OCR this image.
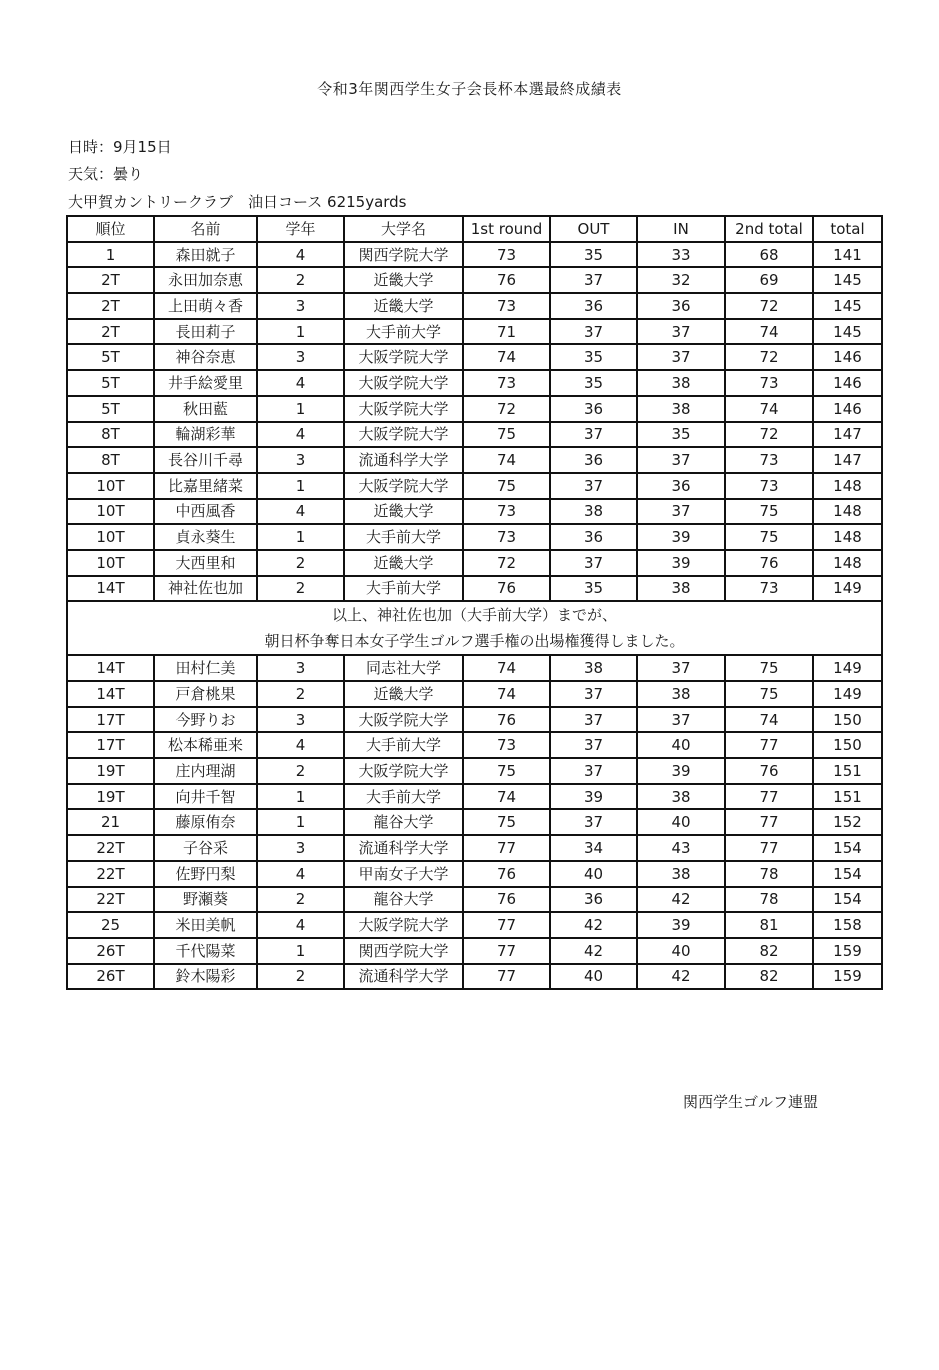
令和3年関西学生女子会長杯本選最終成績表
日時：9月15日
天気：曇り
大甲賀カントリークラブ　油日コース 6215yards
順位	名前	学年	大学名	1st round	OUT	IN	2nd total	total
1	森田就子	4	関西学院大学	73	35	33	68	141
2T	永田加奈恵	2	近畿大学	76	37	32	69	145
2T	上田萌々香	3	近畿大学	73	36	36	72	145
2T	長田莉子	1	大手前大学	71	37	37	74	145
5T	神谷奈恵	3	大阪学院大学	74	35	37	72	146
5T	井手絵愛里	4	大阪学院大学	73	35	38	73	146
5T	秋田藍	1	大阪学院大学	72	36	38	74	146
8T	輪湖彩華	4	大阪学院大学	75	37	35	72	147
8T	長谷川千尋	3	流通科学大学	74	36	37	73	147
10T	比嘉里緒菜	1	大阪学院大学	75	37	36	73	148
10T	中西風香	4	近畿大学	73	38	37	75	148
10T	貞永葵生	1	大手前大学	73	36	39	75	148
10T	大西里和	2	近畿大学	72	37	39	76	148
14T	神社佐也加	2	大手前大学	76	35	38	73	149

以上、神社佐也加（大手前大学）までが、
朝日杯争奪日本女子学生ゴルフ選手権の出場権獲得しました。								

14T	田村仁美	3	同志社大学	74	38	37	75	149
14T	戸倉桃果	2	近畿大学	74	37	38	75	149
17T	今野りお	3	大阪学院大学	76	37	37	74	150
17T	松本稀亜来	4	大手前大学	73	37	40	77	150
19T	庄内理湖	2	大阪学院大学	75	37	39	76	151
19T	向井千智	1	大手前大学	74	39	38	77	151
21	藤原侑奈	1	龍谷大学	75	37	40	77	152
22T	子谷采	3	流通科学大学	77	34	43	77	154
22T	佐野円梨	4	甲南女子大学	76	40	38	78	154
22T	野瀬葵	2	龍谷大学	76	36	42	78	154
25	米田美帆	4	大阪学院大学	77	42	39	81	158
26T	千代陽菜	1	関西学院大学	77	42	40	82	159
26T	鈴木陽彩	2	流通科学大学	77	40	42	82	159
関西学生ゴルフ連盟
